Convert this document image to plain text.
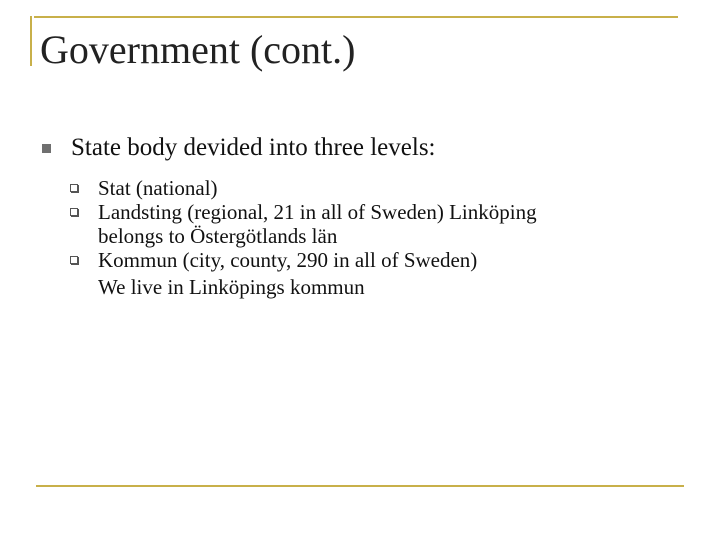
Government (cont.)
State body devided into three levels:
Stat (national)
Landsting (regional, 21 in all of Sweden) Linköping
belongs to Östergötlands län
Kommun (city, county, 290 in all of Sweden)
We live in Linköpings kommun
